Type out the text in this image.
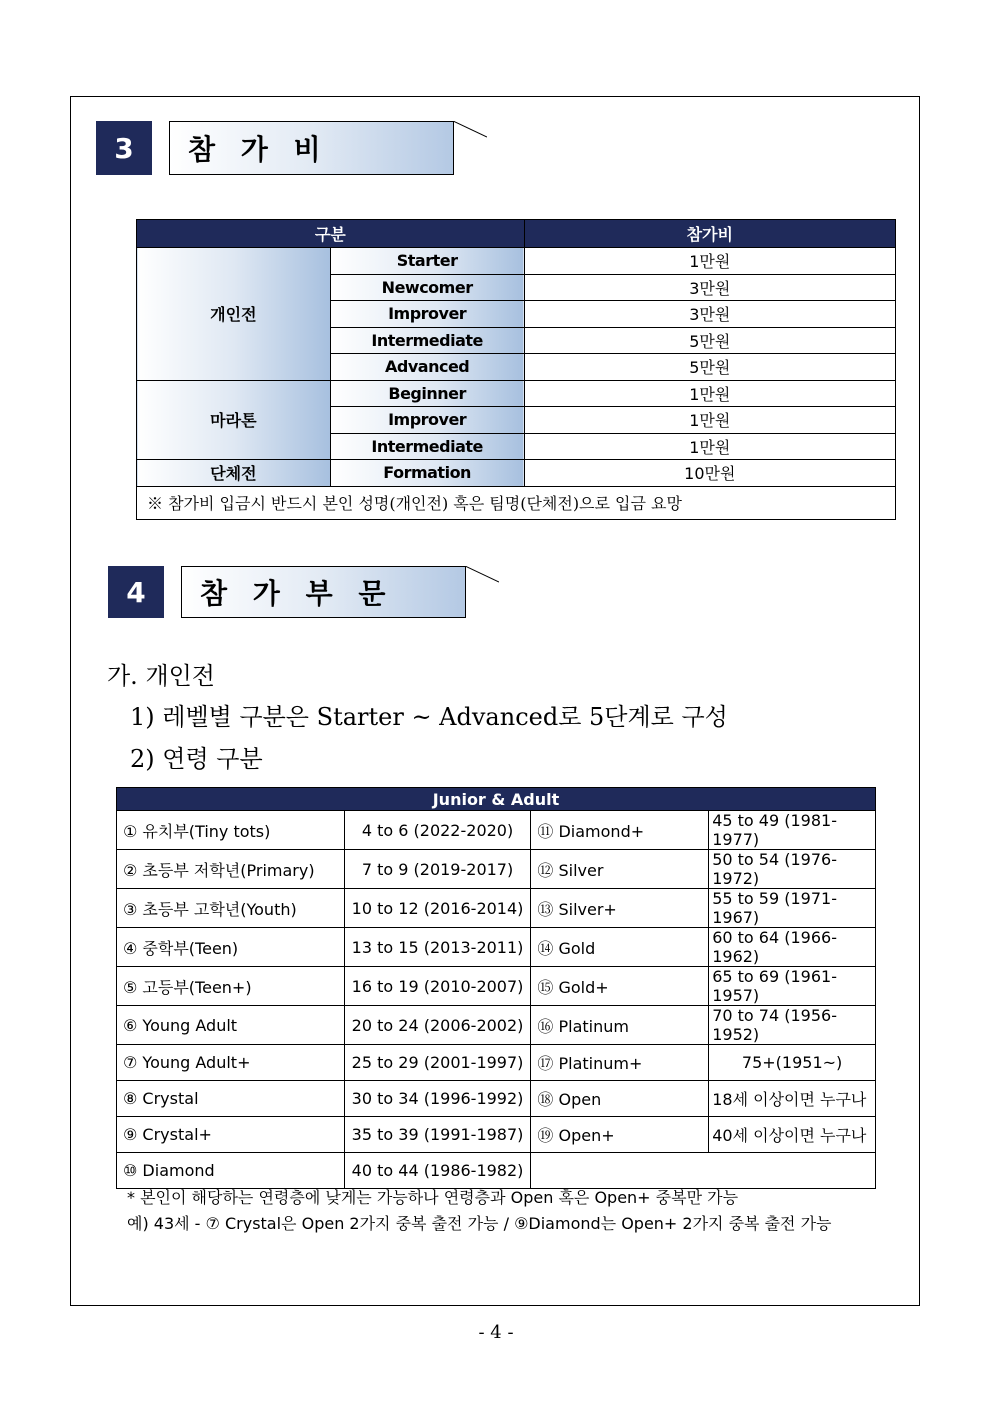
3	참 가 비
구분		참가비
개인전	Starter	1만원
	Newcomer	3만원
	Improver	3만원
	Intermediate	5만원
	Advanced	5만원
마라톤	Beginner	1만원
	Improver	1만원
	Intermediate	1만원
단체전	Formation	10만원
※ 참가비 입금시 반드시 본인 성명(개인전) 혹은 팀명(단체전)으로 입금 요망		
4	참 가 부 문
가. 개인전
1) 레벨별 구분은 Starter ~ Advanced로 5단계로 구성
2) 연령 구분
Junior & Adult			
① 유치부(Tiny tots)	4 to 6 (2022-2020)	⑪ Diamond+	45 to 49 (1981-1977)
② 초등부 저학년(Primary)	7 to 9 (2019-2017)	⑫ Silver	50 to 54 (1976-1972)
③ 초등부 고학년(Youth)	10 to 12 (2016-2014)	⑬ Silver+	55 to 59 (1971-1967)
④ 중학부(Teen)	13 to 15 (2013-2011)	⑭ Gold	60 to 64 (1966-1962)
⑤ 고등부(Teen+)	16 to 19 (2010-2007)	⑮ Gold+	65 to 69 (1961-1957)
⑥ Young Adult	20 to 24 (2006-2002)	⑯ Platinum	70 to 74 (1956-1952)
⑦ Young Adult+	25 to 29 (2001-1997)	⑰ Platinum+	75+(1951~)
⑧ Crystal	30 to 34 (1996-1992)	⑱ Open	18세 이상이면 누구나
⑨ Crystal+	35 to 39 (1991-1987)	⑲ Open+	40세 이상이면 누구나
⑩ Diamond	40 to 44 (1986-1982)		
* 본인이 해당하는 연령층에 낮게는 가능하나 연령층과 Open 혹은 Open+ 중복만 가능
예) 43세 - ⑦ Crystal은 Open 2가지 중복 출전 가능 / ⑨Diamond는 Open+ 2가지 중복 출전 가능
- 4 -
